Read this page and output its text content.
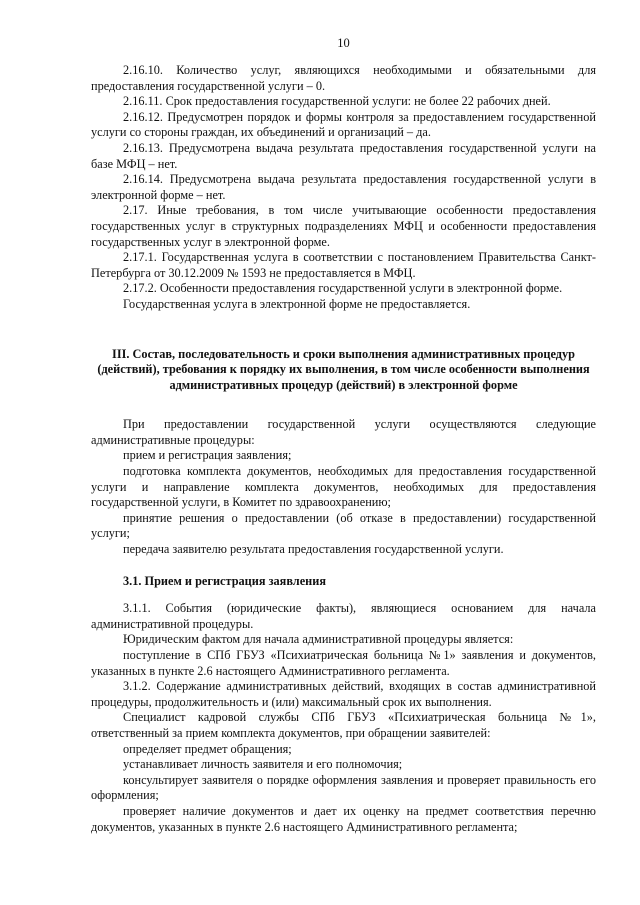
10

2.16.10. Количество услуг, являющихся необходимыми и обязательными для предоставления государственной услуги – 0.

2.16.11. Срок предоставления государственной услуги: не более 22 рабочих дней.

2.16.12. Предусмотрен порядок и формы контроля за предоставлением государственной услуги со стороны граждан, их объединений и организаций – да.

2.16.13. Предусмотрена выдача результата предоставления государственной услуги на базе МФЦ – нет.

2.16.14. Предусмотрена выдача результата предоставления государственной услуги в электронной форме – нет.

2.17. Иные требования, в том числе учитывающие особенности предоставления государственных услуг в структурных подразделениях МФЦ и особенности предоставления государственных услуг в электронной форме.

2.17.1. Государственная услуга в соответствии с постановлением Правительства Санкт-Петербурга от 30.12.2009 № 1593 не предоставляется в МФЦ.

2.17.2. Особенности предоставления государственной услуги в электронной форме.

Государственная услуга в электронной форме не предоставляется.

III. Состав, последовательность и сроки выполнения административных процедур (действий), требования к порядку их выполнения, в том числе особенности выполнения административных процедур (действий) в электронной форме

При предоставлении государственной услуги осуществляются следующие административные процедуры:

прием и регистрация заявления;

подготовка комплекта документов, необходимых для предоставления государственной услуги и направление комплекта документов, необходимых для предоставления государственной услуги, в Комитет по здравоохранению;

принятие решения о предоставлении (об отказе в предоставлении) государственной услуги;

передача заявителю результата предоставления государственной услуги.

3.1. Прием и регистрация заявления

3.1.1. События (юридические факты), являющиеся основанием для начала административной процедуры.

Юридическим фактом для начала административной процедуры является:

поступление в СПб ГБУЗ «Психиатрическая больница №1» заявления и документов, указанных в пункте 2.6 настоящего Административного регламента.

3.1.2. Содержание административных действий, входящих в состав административной процедуры, продолжительность и (или) максимальный срок их выполнения.

Специалист кадровой службы СПб ГБУЗ «Психиатрическая больница №1», ответственный за прием комплекта документов, при обращении заявителей:

определяет предмет обращения;

устанавливает личность заявителя и его полномочия;

консультирует заявителя о порядке оформления заявления и проверяет правильность его оформления;

проверяет наличие документов и дает их оценку на предмет соответствия перечню документов, указанных в пункте 2.6 настоящего Административного регламента;
